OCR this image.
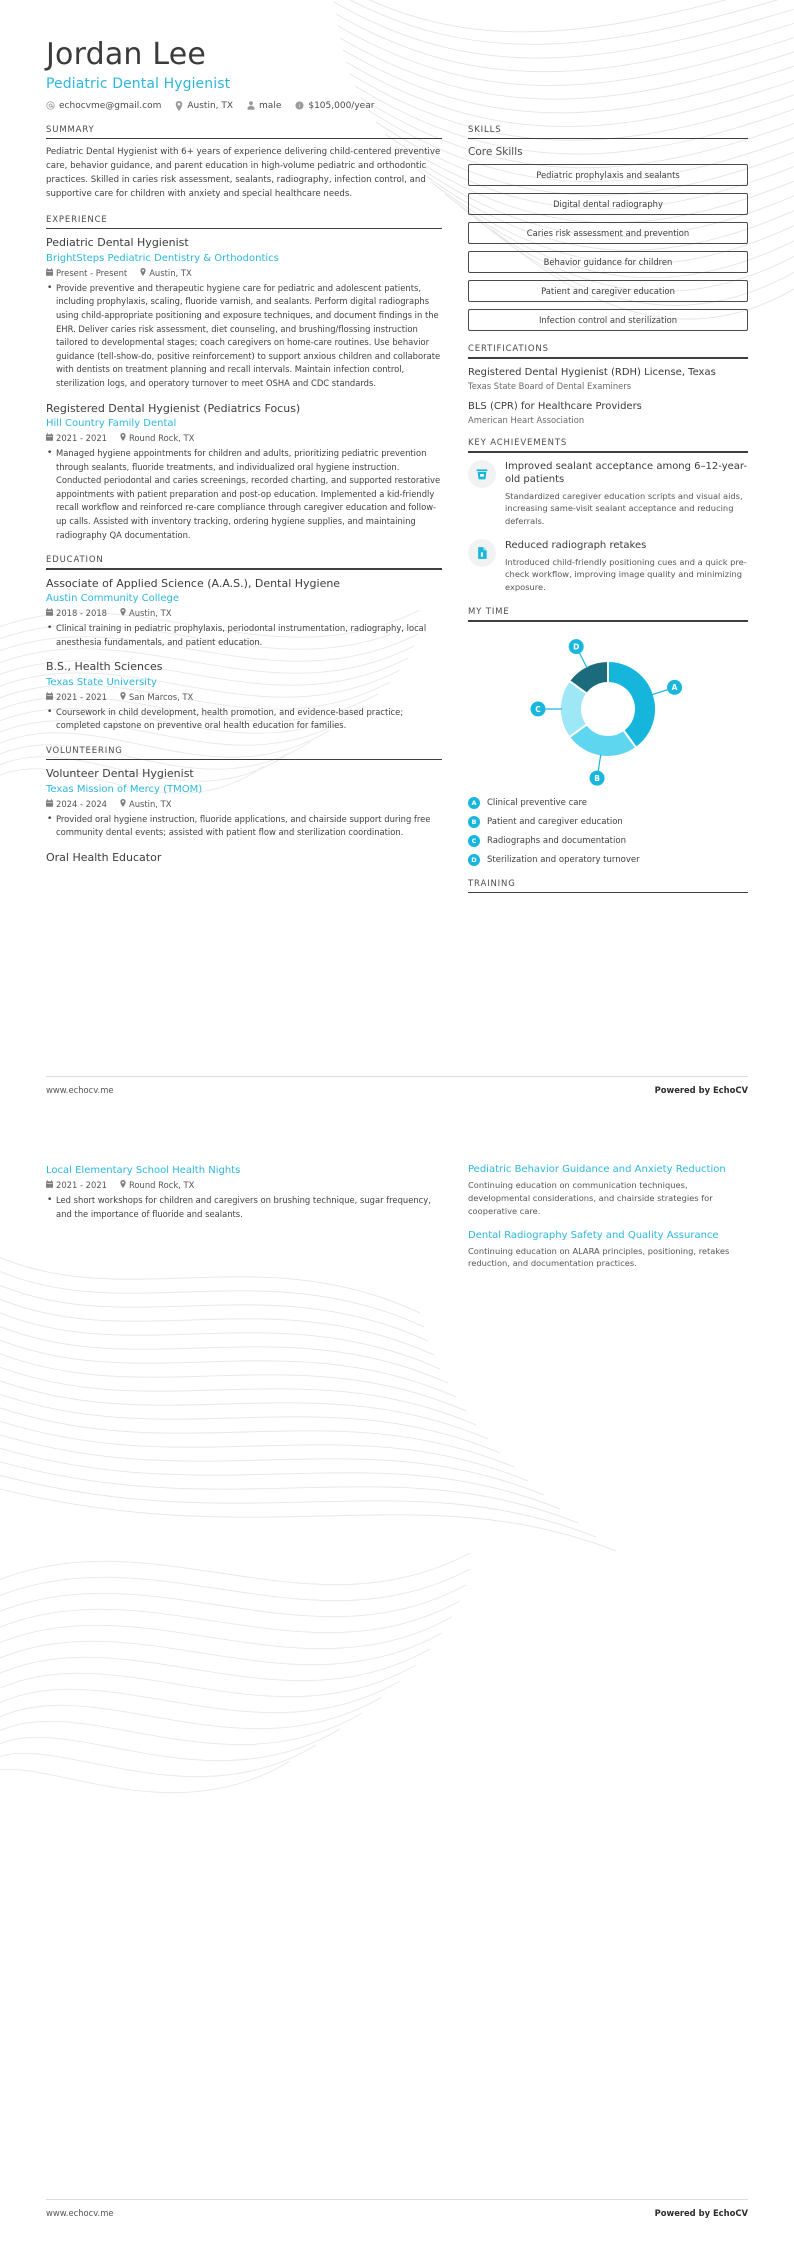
Jordan Lee
Pediatric Dental Hygienist
echocvme@gmail.com	Austin, TX	male i $105,000/year
SUMMARY
Pediatric Dental Hygienist with 6+ years of experience delivering child-centered preventive care, behavior guidance, and parent education in high-volume pediatric and orthodontic practices. Skilled in caries risk assessment, sealants, radiography, infection control, and supportive care for children with anxiety and special healthcare needs.
EXPERIENCE
Pediatric Dental Hygienist
BrightSteps Pediatric Dentistry & Orthodontics
Present - Present	Austin, TX
• Provide preventive and therapeutic hygiene care for pediatric and adolescent patients, including prophylaxis, scaling, fluoride varnish, and sealants. Perform digital radiographs using child-appropriate positioning and exposure techniques, and document findings in the EHR. Deliver caries risk assessment, diet counseling, and brushing/flossing instruction tailored to developmental stages; coach caregivers on home-care routines. Use behavior guidance (tell-show-do, positive reinforcement) to support anxious children and collaborate with dentists on treatment planning and recall intervals. Maintain infection control, sterilization logs, and operatory turnover to meet OSHA and CDC standards.
Registered Dental Hygienist (Pediatrics Focus)
Hill Country Family Dental
2021 - 2021	Round Rock, TX
• Managed hygiene appointments for children and adults, prioritizing pediatric prevention through sealants, fluoride treatments, and individualized oral hygiene instruction. Conducted periodontal and caries screenings, recorded charting, and supported restorative appointments with patient preparation and post-op education. Implemented a kid-friendly recall workflow and reinforced re-care compliance through caregiver education and follow-up calls. Assisted with inventory tracking, ordering hygiene supplies, and maintaining radiography QA documentation.
EDUCATION
Associate of Applied Science (A.A.S.), Dental Hygiene
Austin Community College
2018 - 2018	Austin, TX
• Clinical training in pediatric prophylaxis, periodontal instrumentation, radiography, local anesthesia fundamentals, and patient education.
B.S., Health Sciences
Texas State University
2021 - 2021	San Marcos, TX
• Coursework in child development, health promotion, and evidence-based practice; completed capstone on preventive oral health education for families.
VOLUNTEERING
Volunteer Dental Hygienist
Texas Mission of Mercy (TMOM)
2024 - 2024	Austin, TX
• Provided oral hygiene instruction, fluoride applications, and chairside support during free community dental events; assisted with patient flow and sterilization coordination.
Oral Health Educator
SKILLS
Core Skills
Pediatric prophylaxis and sealants
Digital dental radiography
Caries risk assessment and prevention
Behavior guidance for children
Patient and caregiver education
Infection control and sterilization
CERTIFICATIONS
Registered Dental Hygienist (RDH) License, Texas
Texas State Board of Dental Examiners
BLS (CPR) for Healthcare Providers
American Heart Association
KEY ACHIEVEMENTS
Improved sealant acceptance among 6–12-year-old patients
Standardized caregiver education scripts and visual aids, increasing same-visit sealant acceptance and reducing deferrals.
Reduced radiograph retakes
Introduced child-friendly positioning cues and a quick pre-check workflow, improving image quality and minimizing exposure.
MY TIME
A
B
C
D
A	Clinical preventive care
B	Patient and caregiver education
C	Radiographs and documentation
D	Sterilization and operatory turnover
TRAINING
www.echocv.me	Powered by EchoCV
Local Elementary School Health Nights
2021 - 2021	Round Rock, TX
• Led short workshops for children and caregivers on brushing technique, sugar frequency, and the importance of fluoride and sealants.
Pediatric Behavior Guidance and Anxiety Reduction
Continuing education on communication techniques, developmental considerations, and chairside strategies for cooperative care.
Dental Radiography Safety and Quality Assurance
Continuing education on ALARA principles, positioning, retakes reduction, and documentation practices.
www.echocv.me	Powered by EchoCV
